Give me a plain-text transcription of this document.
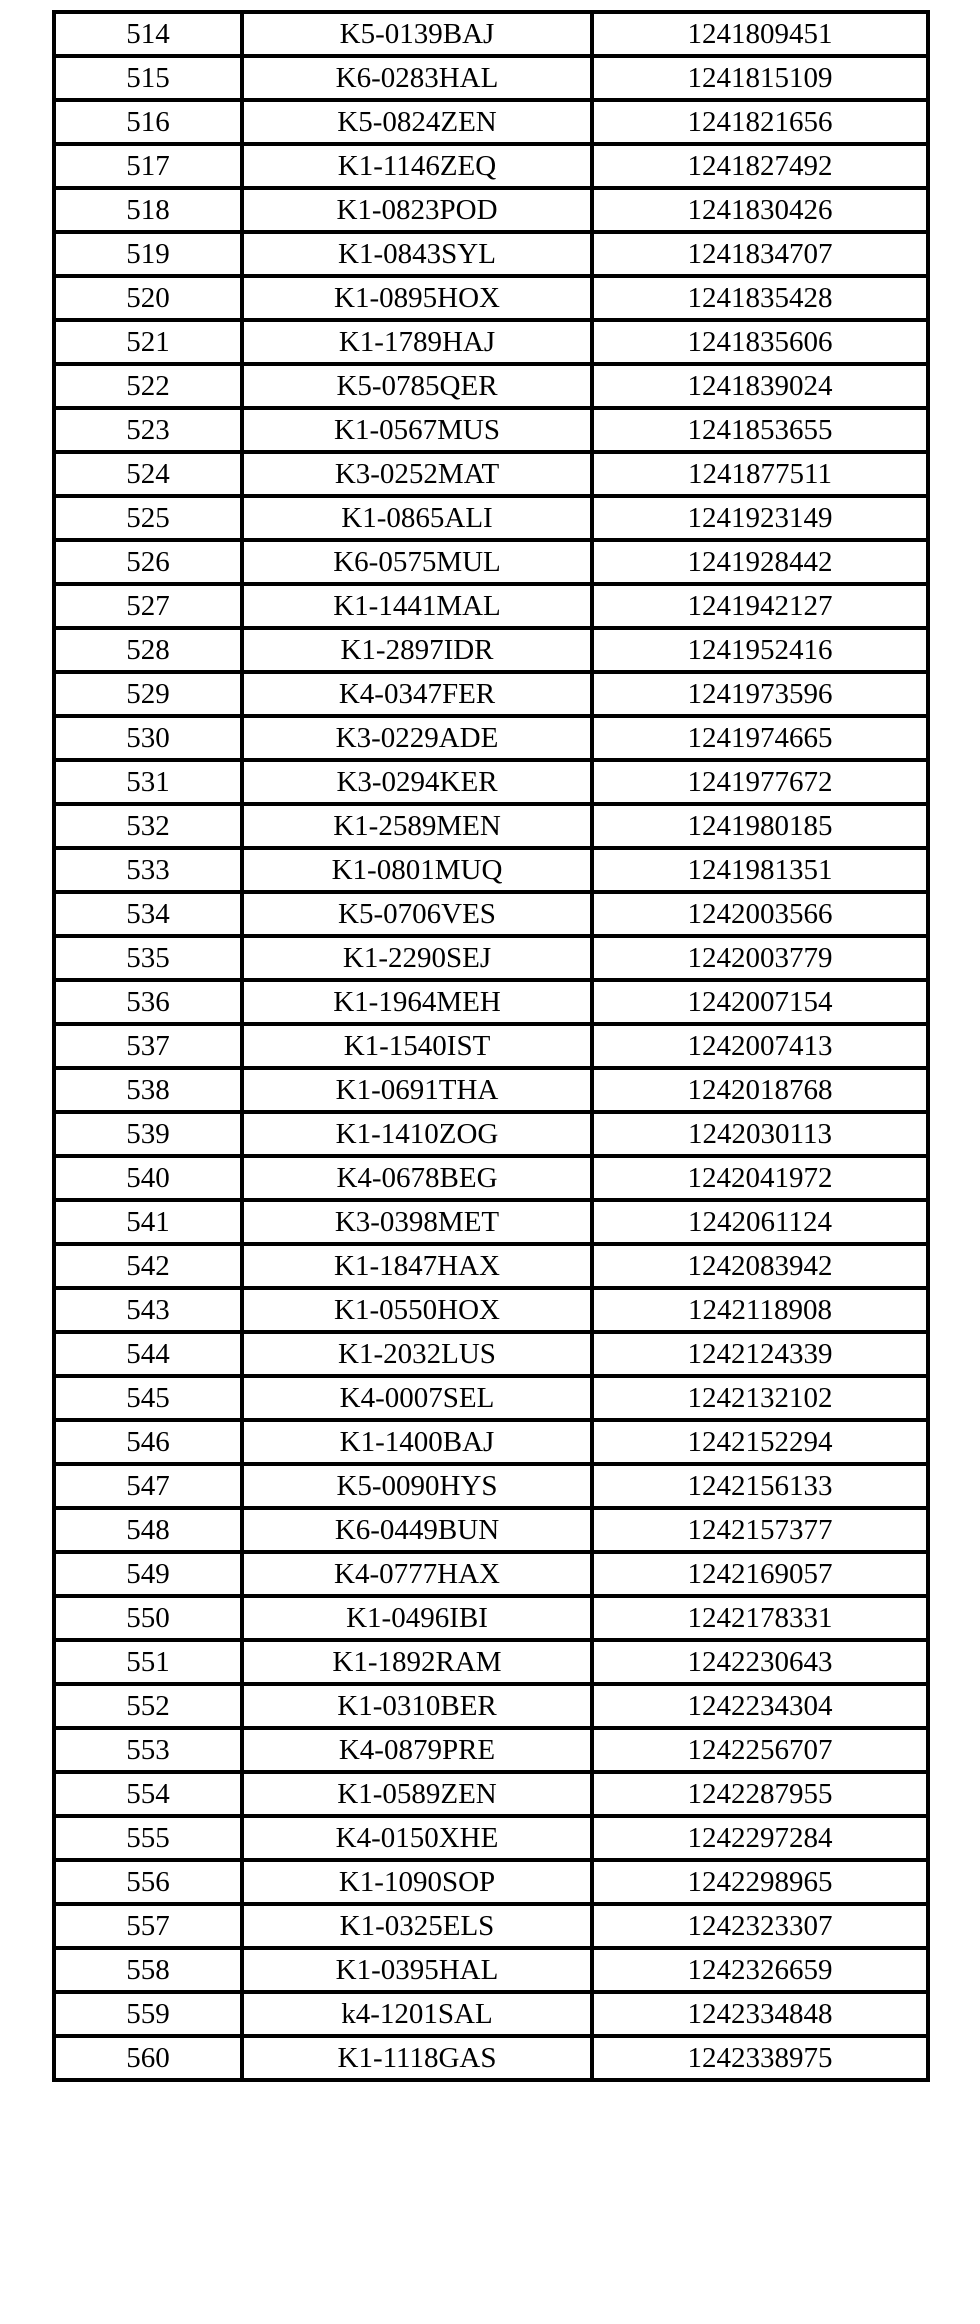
514	K5-0139BAJ	1241809451
515	K6-0283HAL	1241815109
516	K5-0824ZEN	1241821656
517	K1-1146ZEQ	1241827492
518	K1-0823POD	1241830426
519	K1-0843SYL	1241834707
520	K1-0895HOX	1241835428
521	K1-1789HAJ	1241835606
522	K5-0785QER	1241839024
523	K1-0567MUS	1241853655
524	K3-0252MAT	1241877511
525	K1-0865ALI	1241923149
526	K6-0575MUL	1241928442
527	K1-1441MAL	1241942127
528	K1-2897IDR	1241952416
529	K4-0347FER	1241973596
530	K3-0229ADE	1241974665
531	K3-0294KER	1241977672
532	K1-2589MEN	1241980185
533	K1-0801MUQ	1241981351
534	K5-0706VES	1242003566
535	K1-2290SEJ	1242003779
536	K1-1964MEH	1242007154
537	K1-1540IST	1242007413
538	K1-0691THA	1242018768
539	K1-1410ZOG	1242030113
540	K4-0678BEG	1242041972
541	K3-0398MET	1242061124
542	K1-1847HAX	1242083942
543	K1-0550HOX	1242118908
544	K1-2032LUS	1242124339
545	K4-0007SEL	1242132102
546	K1-1400BAJ	1242152294
547	K5-0090HYS	1242156133
548	K6-0449BUN	1242157377
549	K4-0777HAX	1242169057
550	K1-0496IBI	1242178331
551	K1-1892RAM	1242230643
552	K1-0310BER	1242234304
553	K4-0879PRE	1242256707
554	K1-0589ZEN	1242287955
555	K4-0150XHE	1242297284
556	K1-1090SOP	1242298965
557	K1-0325ELS	1242323307
558	K1-0395HAL	1242326659
559	k4-1201SAL	1242334848
560	K1-1118GAS	1242338975
